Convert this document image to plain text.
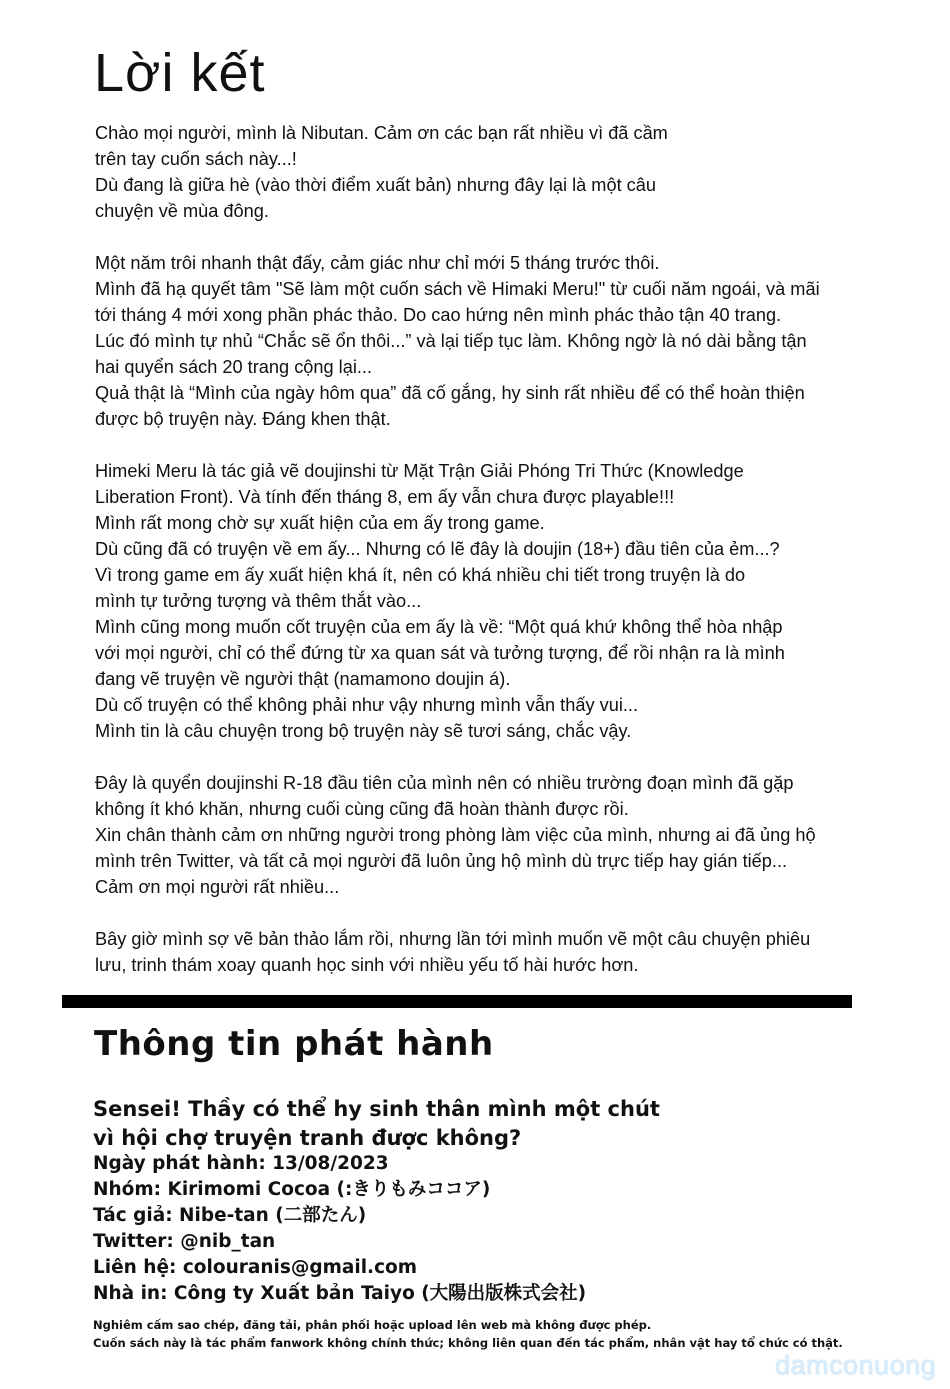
Lời kết

Chào mọi người, mình là Nibutan. Cảm ơn các bạn rất nhiều vì đã cầm
trên tay cuốn sách này...!
Dù đang là giữa hè (vào thời điểm xuất bản) nhưng đây lại là một câu
chuyện về mùa đông.

Một năm trôi nhanh thật đấy, cảm giác như chỉ mới 5 tháng trước thôi.
Mình đã hạ quyết tâm "Sẽ làm một cuốn sách về Himaki Meru!" từ cuối năm ngoái, và mãi
tới tháng 4 mới xong phần phác thảo. Do cao hứng nên mình phác thảo tận 40 trang.
Lúc đó mình tự nhủ “Chắc sẽ ổn thôi...” và lại tiếp tục làm. Không ngờ là nó dài bằng tận
hai quyển sách 20 trang cộng lại...
Quả thật là “Mình của ngày hôm qua” đã cố gắng, hy sinh rất nhiều để có thể hoàn thiện
được bộ truyện này. Đáng khen thật.

Himeki Meru là tác giả vẽ doujinshi từ Mặt Trận Giải Phóng Tri Thức (Knowledge
Liberation Front). Và tính đến tháng 8, em ấy vẫn chưa được playable!!!
Mình rất mong chờ sự xuất hiện của em ấy trong game.
Dù cũng đã có truyện về em ấy... Nhưng có lẽ đây là doujin (18+) đầu tiên của ẻm...?
Vì trong game em ấy xuất hiện khá ít, nên có khá nhiều chi tiết trong truyện là do
mình tự tưởng tượng và thêm thắt vào...
Mình cũng mong muốn cốt truyện của em ấy là về: “Một quá khứ không thể hòa nhập
với mọi người, chỉ có thể đứng từ xa quan sát và tưởng tượng, để rồi nhận ra là mình
đang vẽ truyện về người thật (namamono doujin á).
Dù cố truyện có thể không phải như vậy nhưng mình vẫn thấy vui...
Mình tin là câu chuyện trong bộ truyện này sẽ tươi sáng, chắc vậy.

Đây là quyển doujinshi R-18 đầu tiên của mình nên có nhiều trường đoạn mình đã gặp
không ít khó khăn, nhưng cuối cùng cũng đã hoàn thành được rồi.
Xin chân thành cảm ơn những người trong phòng làm việc của mình, nhưng ai đã ủng hộ
mình trên Twitter, và tất cả mọi người đã luôn ủng hộ mình dù trực tiếp hay gián tiếp...
Cảm ơn mọi người rất nhiều...

Bây giờ mình sợ vẽ bản thảo lắm rồi, nhưng lần tới mình muốn vẽ một câu chuyện phiêu
lưu, trinh thám xoay quanh học sinh với nhiều yếu tố hài hước hơn.

Thông tin phát hành
Sensei! Thầy có thể hy sinh thân mình một chút
vì hội chợ truyện tranh được không?
Ngày phát hành: 13/08/2023
Nhóm: Kirimomi Cocoa (:きりもみココア)
Tác giả: Nibe-tan (二部たん)
Twitter: @nib_tan
Liên hệ: colouranis@gmail.com
Nhà in: Công ty Xuất bản Taiyo (大陽出版株式会社)
Nghiêm cấm sao chép, đăng tải, phân phối hoặc upload lên web mà không được phép.
Cuốn sách này là tác phẩm fanwork không chính thức; không liên quan đến tác phẩm, nhân vật hay tổ chức có thật.
damconuong
